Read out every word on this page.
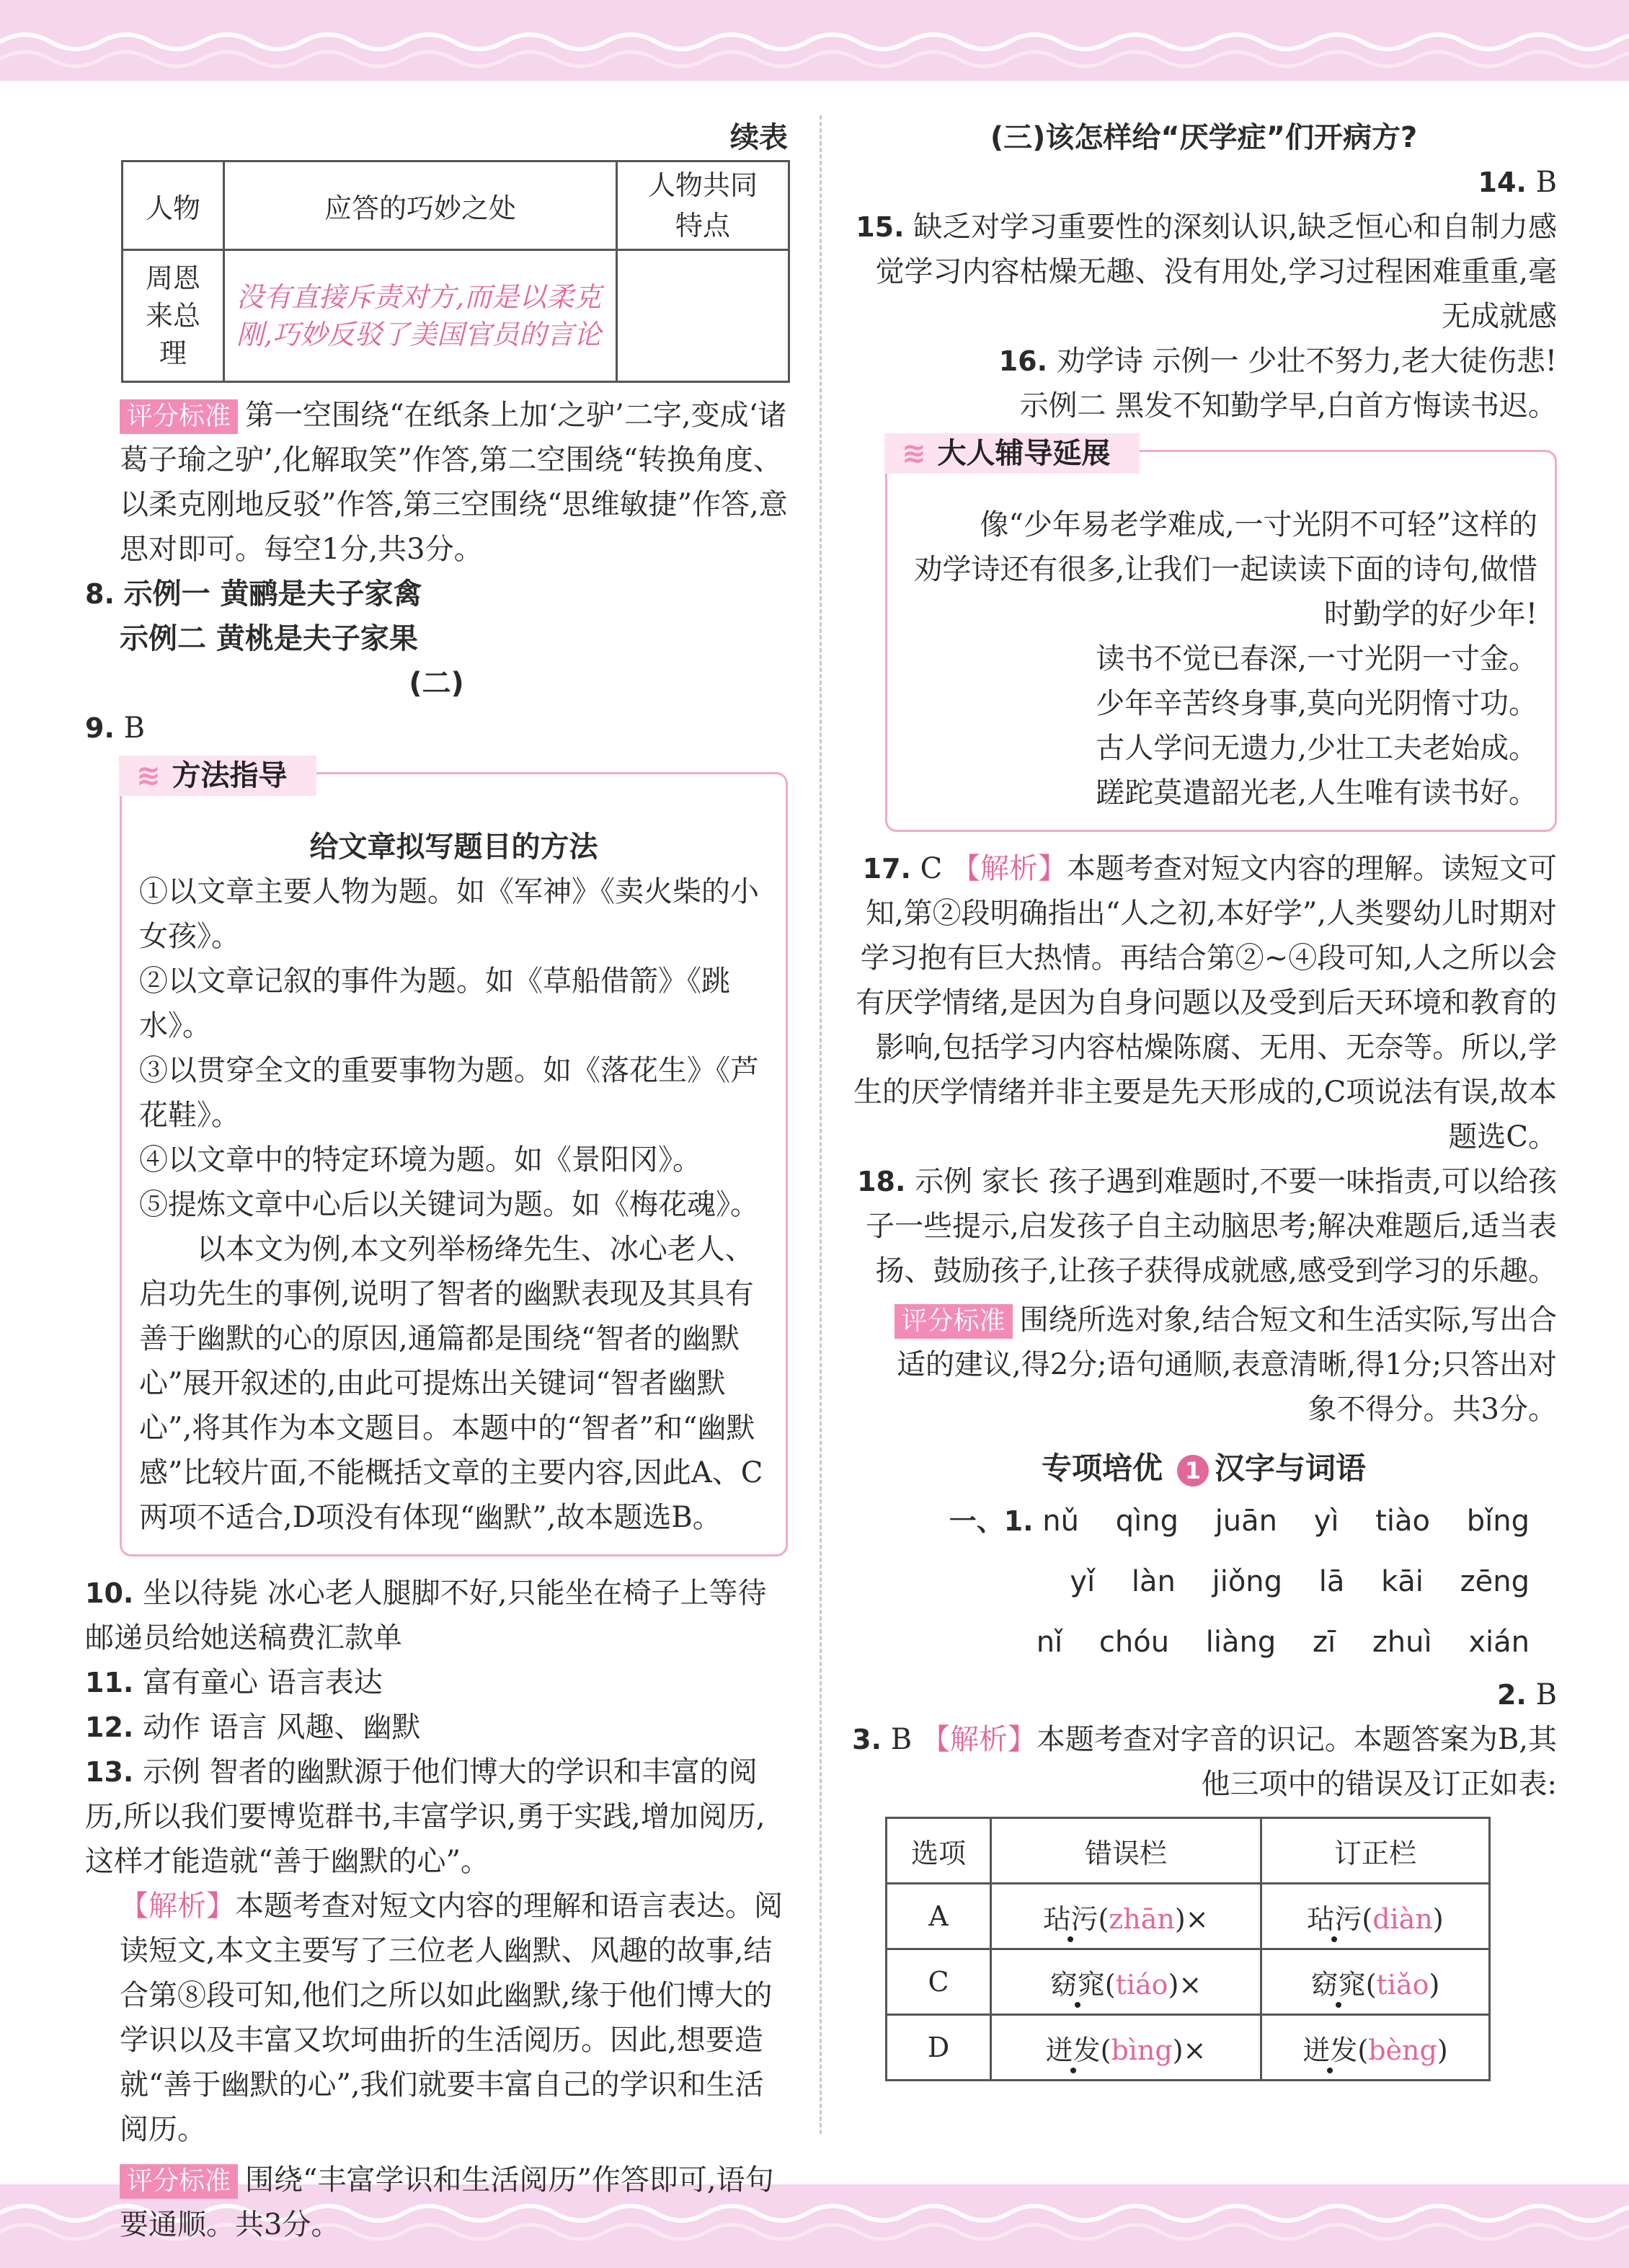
续表

人物	应答的巧妙之处	人物共同特点
周恩来总理	没有直接斥责对方,而是以柔克刚,巧妙反驳了美国官员的言论	

评分标准 第一空围绕“在纸条上加‘之驴’二字,变成‘诸葛子瑜之驴’,化解取笑”作答,第二空围绕“转换角度、以柔克刚地反驳”作答,第三空围绕“思维敏捷”作答,意思对即可。每空1分,共3分。

8. 示例一 黄鹂是夫子家禽

示例二 黄桃是夫子家果

(二)

9. B

≋ 方法指导

给文章拟写题目的方法

①以文章主要人物为题。如《军神》《卖火柴的小女孩》。

②以文章记叙的事件为题。如《草船借箭》《跳水》。

③以贯穿全文的重要事物为题。如《落花生》《芦花鞋》。

④以文章中的特定环境为题。如《景阳冈》。

⑤提炼文章中心后以关键词为题。如《梅花魂》。

以本文为例,本文列举杨绛先生、冰心老人、启功先生的事例,说明了智者的幽默表现及其具有善于幽默的心的原因,通篇都是围绕“智者的幽默心”展开叙述的,由此可提炼出关键词“智者幽默心”,将其作为本文题目。本题中的“智者”和“幽默感”比较片面,不能概括文章的主要内容,因此A、C两项不适合,D项没有体现“幽默”,故本题选B。

10. 坐以待毙 冰心老人腿脚不好,只能坐在椅子上等待邮递员给她送稿费汇款单

11. 富有童心 语言表达

12. 动作 语言 风趣、幽默

13. 示例 智者的幽默源于他们博大的学识和丰富的阅历,所以我们要博览群书,丰富学识,勇于实践,增加阅历,这样才能造就“善于幽默的心”。

【解析】本题考查对短文内容的理解和语言表达。阅读短文,本文主要写了三位老人幽默、风趣的故事,结合第⑧段可知,他们之所以如此幽默,缘于他们博大的学识以及丰富又坎坷曲折的生活阅历。因此,想要造就“善于幽默的心”,我们就要丰富自己的学识和生活阅历。

评分标准 围绕“丰富学识和生活阅历”作答即可,语句要通顺。共3分。

(三)该怎样给“厌学症”们开病方?

14. B

15. 缺乏对学习重要性的深刻认识,缺乏恒心和自制力感觉学习内容枯燥无趣、没有用处,学习过程困难重重,毫无成就感

16. 劝学诗 示例一 少壮不努力,老大徒伤悲!

示例二 黑发不知勤学早,白首方悔读书迟。

≋ 大人辅导延展

像“少年易老学难成,一寸光阴不可轻”这样的劝学诗还有很多,让我们一起读读下面的诗句,做惜时勤学的好少年!

读书不觉已春深,一寸光阴一寸金。

少年辛苦终身事,莫向光阴惰寸功。

古人学问无遗力,少壮工夫老始成。

蹉跎莫遣韶光老,人生唯有读书好。

17. C 【解析】本题考查对短文内容的理解。读短文可知,第②段明确指出“人之初,本好学”,人类婴幼儿时期对学习抱有巨大热情。再结合第②~④段可知,人之所以会有厌学情绪,是因为自身问题以及受到后天环境和教育的影响,包括学习内容枯燥陈腐、无用、无奈等。所以,学生的厌学情绪并非主要是先天形成的,C项说法有误,故本题选C。

18. 示例 家长 孩子遇到难题时,不要一味指责,可以给孩子一些提示,启发孩子自主动脑思考;解决难题后,适当表扬、鼓励孩子,让孩子获得成就感,感受到学习的乐趣。

评分标准 围绕所选对象,结合短文和生活实际,写出合适的建议,得2分;语句通顺,表意清晰,得1分;只答出对象不得分。共3分。

专项培优 1 汉字与词语

一、1. nǔ qìng juān yì tiào bǐng

yǐ làn jiǒng lā kāi zēng

nǐ chóu liàng zī zhuì xián

2. B

3. B 【解析】本题考查对字音的识记。本题答案为B,其他三项中的错误及订正如表:

选项	错误栏	订正栏
A	玷污(zhān)×	玷污(diàn)
C	窈窕(tiáo)×	窈窕(tiǎo)
D	迸发(bìng)×	迸发(bèng)
